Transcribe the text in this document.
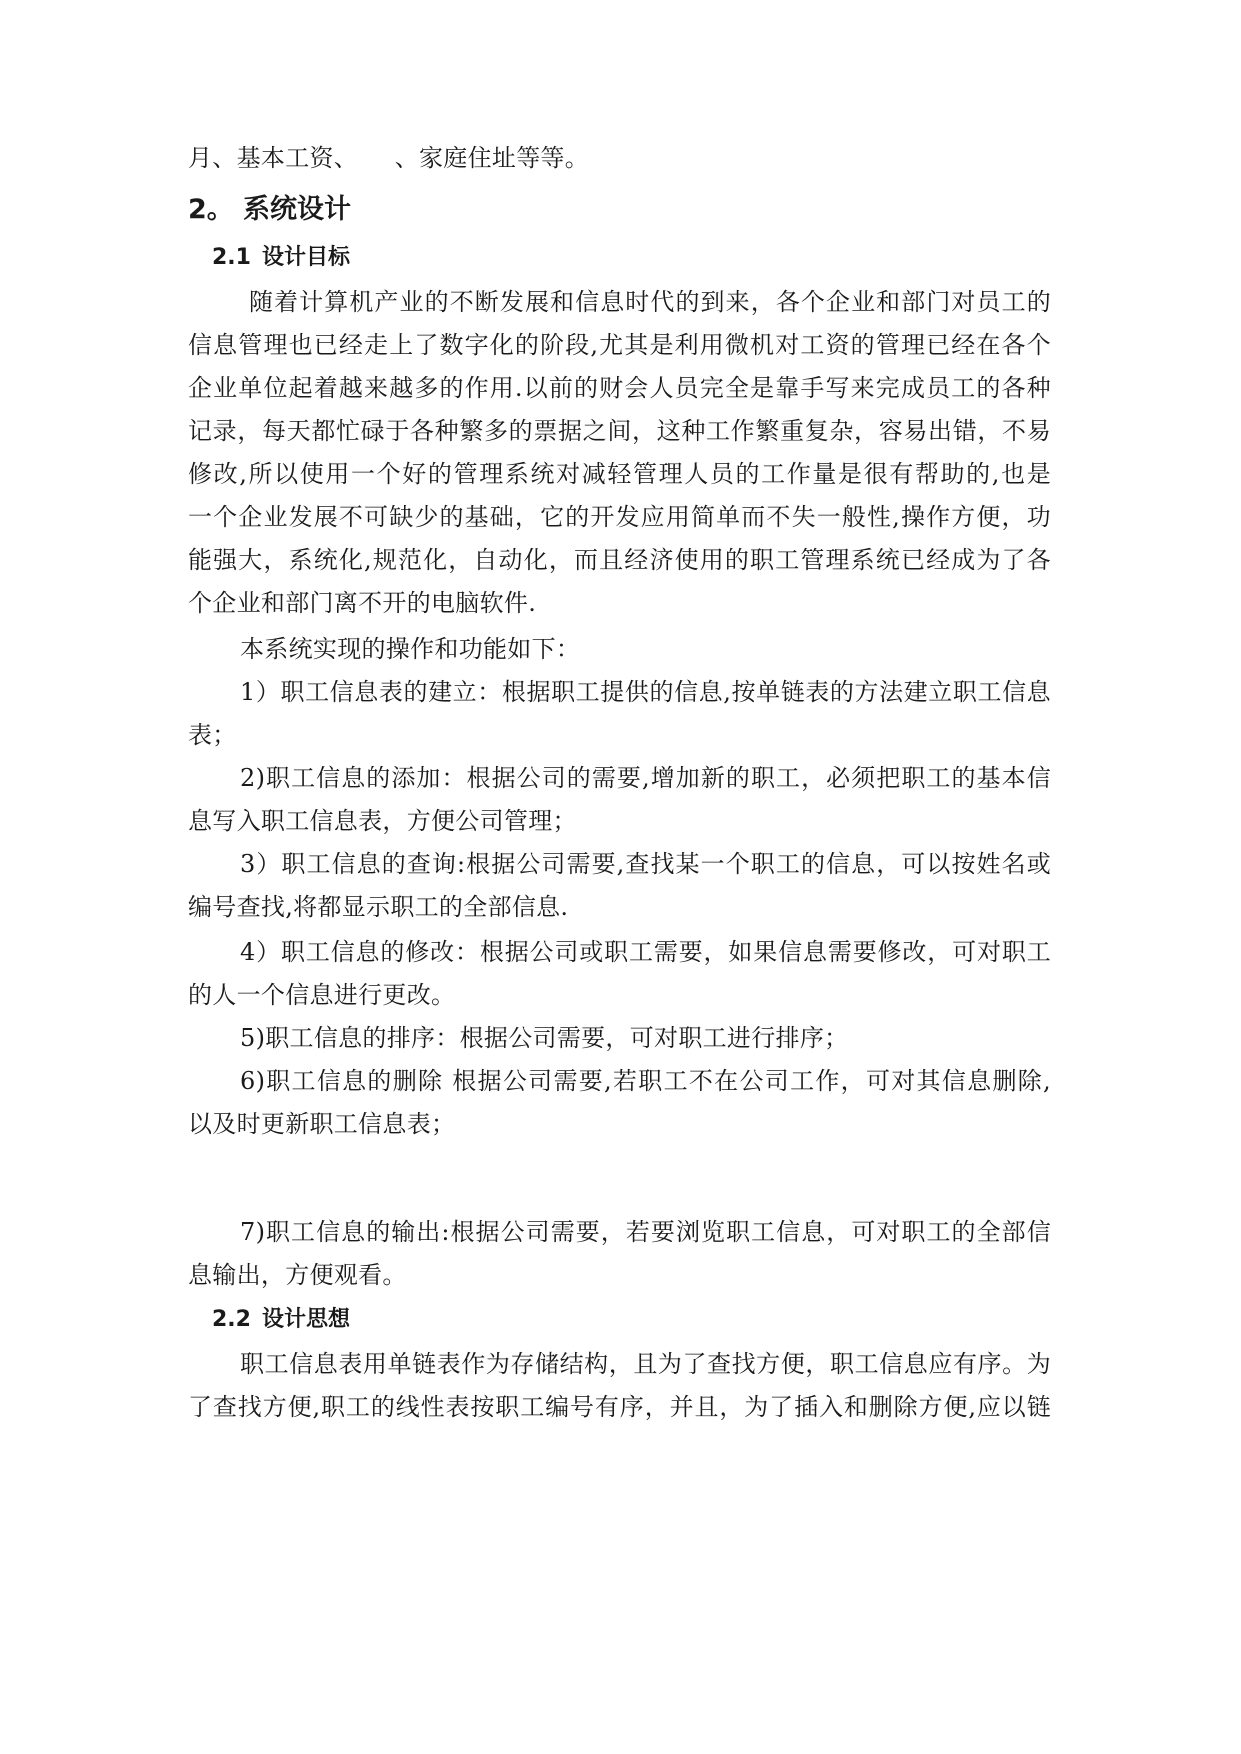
月、基本工资、　　、家庭住址等等。
2。 系统设计
2.1 设计目标
随着计算机产业的不断发展和信息时代的到来，各个企业和部门对员工的
信息管理也已经走上了数字化的阶段,尤其是利用微机对工资的管理已经在各个
企业单位起着越来越多的作用.以前的财会人员完全是靠手写来完成员工的各种
记录，每天都忙碌于各种繁多的票据之间，这种工作繁重复杂，容易出错，不易
修改,所以使用一个好的管理系统对减轻管理人员的工作量是很有帮助的,也是
一个企业发展不可缺少的基础，它的开发应用简单而不失一般性,操作方便，功
能强大，系统化,规范化，自动化，而且经济使用的职工管理系统已经成为了各
个企业和部门离不开的电脑软件.
本系统实现的操作和功能如下：
1）职工信息表的建立：根据职工提供的信息,按单链表的方法建立职工信息
表；
2)职工信息的添加：根据公司的需要,增加新的职工，必须把职工的基本信
息写入职工信息表，方便公司管理；
3）职工信息的查询:根据公司需要,查找某一个职工的信息，可以按姓名或
编号查找,将都显示职工的全部信息.
4）职工信息的修改：根据公司或职工需要，如果信息需要修改，可对职工
的人一个信息进行更改。
5)职工信息的排序：根据公司需要，可对职工进行排序；
6)职工信息的删除 根据公司需要,若职工不在公司工作，可对其信息删除,
以及时更新职工信息表；
7)职工信息的输出:根据公司需要，若要浏览职工信息，可对职工的全部信
息输出，方便观看。
2.2 设计思想
职工信息表用单链表作为存储结构，且为了查找方便，职工信息应有序。为
了查找方便,职工的线性表按职工编号有序，并且，为了插入和删除方便,应以链
